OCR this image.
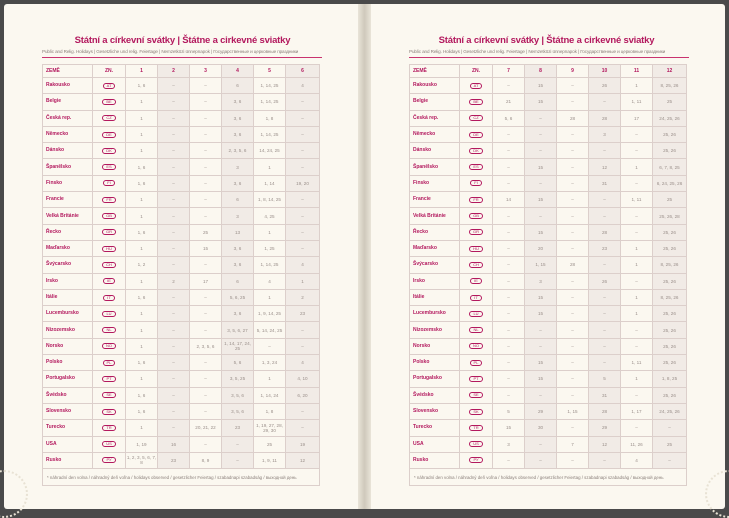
Státní a církevní svátky | Štátne a cirkevné sviatky
Public and Relig. Holidays | Gesetzliche und relig. Feiertage | Nemzetközi ünnepnapok | Государственные и церковные праздники
ZEMĚ	ZN.	1	2	3	4	5	6
Rakousko	AT	1, 6	–	–	6	1, 14, 25	4
Belgie	BE	1	–	–	3, 6	1, 14, 25	–
Česká rep.	CZ	1	–	–	3, 6	1, 8	–
Německo	DE	1	–	–	3, 6	1, 14, 25	–
Dánsko	DK	1	–	–	2, 3, 5, 6	14, 24, 25	–
Španělsko	ES	1, 6	–	–	3	1	–
Finsko	FI	1, 6	–	–	3, 6	1, 14	19, 20
Francie	FR	1	–	–	6	1, 8, 14, 25	–
Velká Británie	GB	1	–	–	3	4, 25	–
Řecko	GR	1, 6	–	25	13	1	–
Maďarsko	HU	1	–	15	3, 6	1, 25	–
Švýcarsko	CH	1, 2	–	–	3, 6	1, 14, 25	4
Irsko	IE	1	2	17	6	4	1
Itálie	IT	1, 6	–	–	5, 6, 25	1	2
Lucembursko	LU	1	–	–	3, 6	1, 9, 14, 25	23
Nizozemsko	NL	1	–	–	3, 5, 6, 27	5, 14, 24, 25	–
Norsko	NO	1	–	2, 3, 5, 6	1, 14, 17, 24, 25	–	–
Polsko	PL	1, 6	–	–	5, 6	1, 3, 24	4
Portugalsko	PT	1	–	–	3, 5, 25	1	4, 10
Švédsko	SE	1, 6	–	–	3, 5, 6	1, 14, 24	6, 20
Slovensko	SK	1, 6	–	–	3, 5, 6	1, 8	–
Turecko	TR	1	–	20, 21, 22	23	1, 19, 27, 28, 29, 30	–
USA	US	1, 19	16	–	–	25	19
Rusko	РУ	1, 2, 3, 5, 6, 7, 8	23	8, 9	–	1, 9, 11	12
* náhradní den volna / náhradný deň voľna / holidays observed / gesetzlicher Feiertag / szabadnapi szabadság / выходной день							
Státní a církevní svátky | Štátne a cirkevné sviatky
Public and Relig. Holidays | Gesetzliche und relig. Feiertage | Nemzetközi ünnepnapok | Государственные и церковные праздники
ZEMĚ	ZN.	7	8	9	10	11	12
Rakousko	AT	–	15	–	26	1	8, 25, 26
Belgie	BE	21	15	–	–	1, 11	25
Česká rep.	CZ	5, 6	–	28	28	17	24, 25, 26
Německo	DE	–	–	–	3	–	25, 26
Dánsko	DK	–	–	–	–	–	25, 26
Španělsko	ES	–	15	–	12	1	6, 7, 8, 25
Finsko	FI	–	–	–	31	–	6, 24, 25, 26
Francie	FR	14	15	–	–	1, 11	25
Velká Británie	GB	–	–	–	–	–	25, 26, 28
Řecko	GR	–	15	–	28	–	25, 26
Maďarsko	HU	–	20	–	23	1	25, 26
Švýcarsko	CH	–	1, 15	28	–	1	8, 25, 26
Irsko	IE	–	3	–	26	–	25, 26
Itálie	IT	–	15	–	–	1	8, 25, 26
Lucembursko	LU	–	15	–	–	1	25, 26
Nizozemsko	NL	–	–	–	–	–	25, 26
Norsko	NO	–	–	–	–	–	25, 26
Polsko	PL	–	15	–	–	1, 11	25, 26
Portugalsko	PT	–	15	–	5	1	1, 8, 25
Švédsko	SE	–	–	–	31	–	25, 26
Slovensko	SK	5	29	1, 15	28	1, 17	24, 25, 26
Turecko	TR	15	30	–	29	–	–
USA	US	3	–	7	12	11, 26	25
Rusko	РУ	–	–	–	–	4	–
* náhradní den volna / náhradný deň voľna / holidays observed / gesetzlicher Feiertag / szabadnapi szabadság / выходной день							
